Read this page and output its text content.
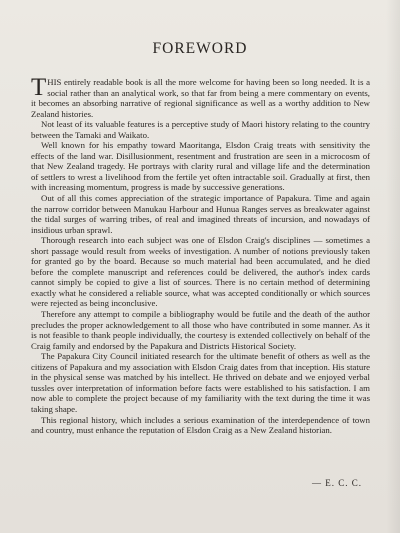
FOREWORD

THIS entirely readable book is all the more welcome for having been so long needed. It is a social rather than an analytical work, so that far from being a mere commentary on events, it becomes an absorbing narrative of regional significance as well as a worthy addition to New Zealand histories.

Not least of its valuable features is a perceptive study of Maori history relating to the country between the Tamaki and Waikato.

Well known for his empathy toward Maoritanga, Elsdon Craig treats with sensitivity the effects of the land war. Disillusionment, resentment and frustration are seen in a microcosm of that New Zealand tragedy. He portrays with clarity rural and village life and the determination of settlers to wrest a livelihood from the fertile yet often intractable soil. Gradually at first, then with increasing momentum, progress is made by successive generations.

Out of all this comes appreciation of the strategic importance of Papakura. Time and again the narrow corridor between Manukau Harbour and Hunua Ranges serves as breakwater against the tidal surges of warring tribes, of real and imagined threats of incursion, and nowadays of insidious urban sprawl.

Thorough research into each subject was one of Elsdon Craig's disciplines — sometimes a short passage would result from weeks of investigation. A number of notions previously taken for granted go by the board. Because so much material had been accumulated, and he died before the complete manuscript and references could be delivered, the author's index cards cannot simply be copied to give a list of sources. There is no certain method of determining exactly what he considered a reliable source, what was accepted conditionally or which sources were rejected as being inconclusive.

Therefore any attempt to compile a bibliography would be futile and the death of the author precludes the proper acknowledgement to all those who have contributed in some manner. As it is not feasible to thank people individually, the courtesy is extended collectively on behalf of the Craig family and endorsed by the Papakura and Districts Historical Society.

The Papakura City Council initiated research for the ultimate benefit of others as well as the citizens of Papakura and my association with Elsdon Craig dates from that inception. His stature in the physical sense was matched by his intellect. He thrived on debate and we enjoyed verbal tussles over interpretation of information before facts were established to his satisfaction. I am now able to complete the project because of my familiarity with the text during the time it was taking shape.

This regional history, which includes a serious examination of the interdependence of town and country, must enhance the reputation of Elsdon Craig as a New Zealand historian.

— E. C. C.
